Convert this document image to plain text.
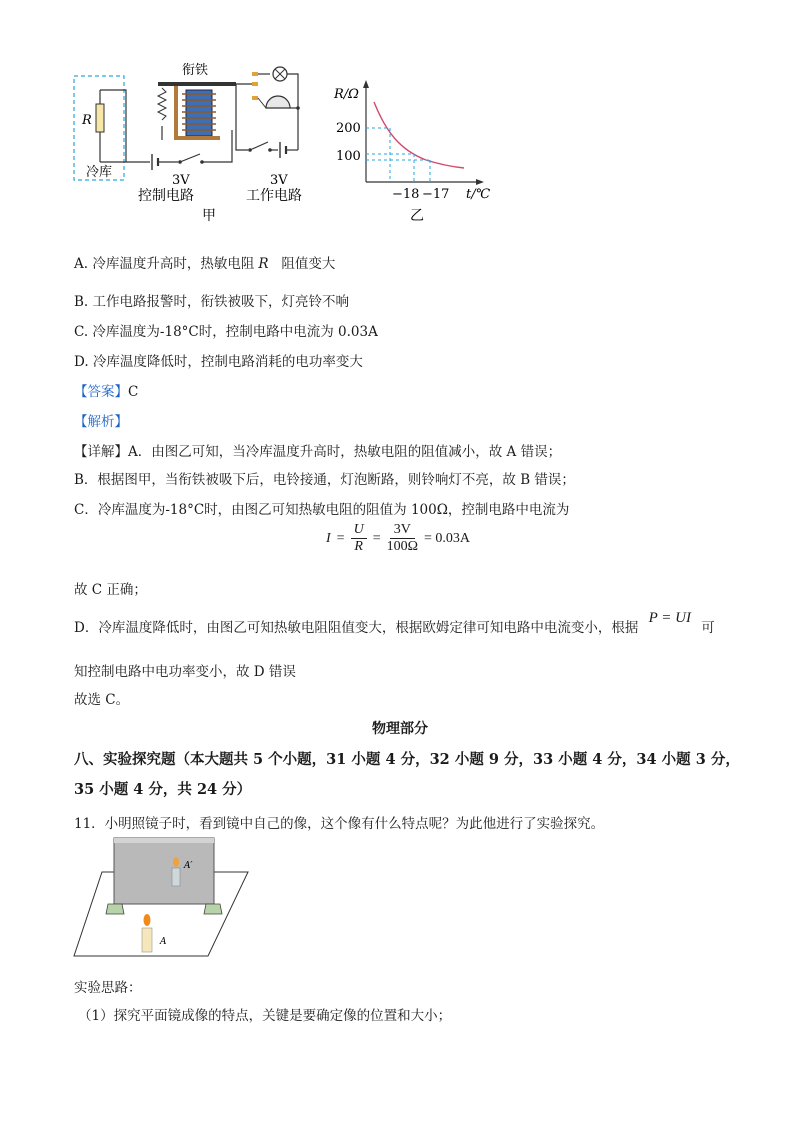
衔铁
R
冷库
3V
控制电路
3V
工作电路
甲
R/Ω
200
100
−18 −17 t/℃
乙
A. 冷库温度升高时，热敏电阻 R 阻值变大
B. 工作电路报警时，衔铁被吸下，灯亮铃不响
C. 冷库温度为-18°C时，控制电路中电流为 0.03A
D. 冷库温度降低时，控制电路消耗的电功率变大
【答案】C
【解析】
【详解】A．由图乙可知，当冷库温度升高时，热敏电阻的阻值减小，故 A 错误；
B．根据图甲，当衔铁被吸下后，电铃接通，灯泡断路，则铃响灯不亮，故 B 错误；
C．冷库温度为-18°C时，由图乙可知热敏电阻的阻值为 100Ω，控制电路中电流为
$I = \frac{U}{R} = \frac{3V}{100\Omega} = 0.03A$
故 C 正确；
D．冷库温度降低时，由图乙可知热敏电阻阻值变大，根据欧姆定律可知电路中电流变小，根据 P = UI 可
知控制电路中电功率变小，故 D 错误
故选 C。
物理部分
八、实验探究题（本大题共 5 个小题，31 小题 4 分，32 小题 9 分，33 小题 4 分，34 小题 3 分，
35 小题 4 分，共 24 分）
11．小明照镜子时，看到镜中自己的像，这个像有什么特点呢？为此他进行了实验探究。
A′
A
实验思路：
（1）探究平面镜成像的特点，关键是要确定像的位置和大小；
